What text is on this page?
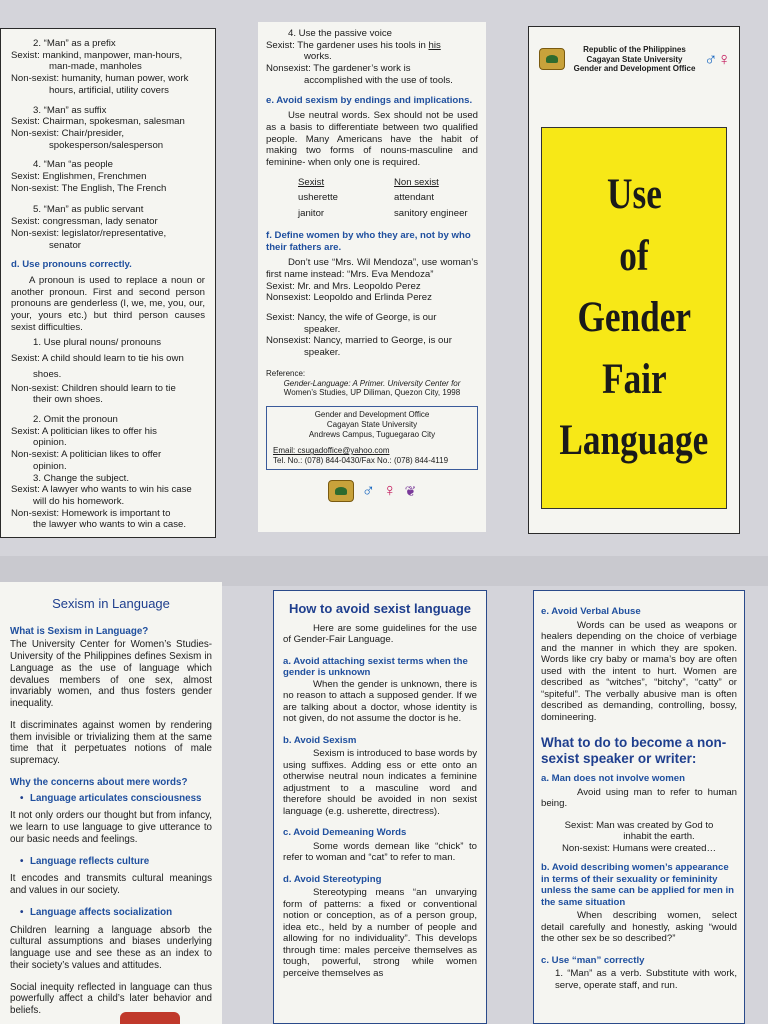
2. “Man” as a prefix
Sexist: mankind, manpower, man-hours,
man-made, manholes
Non-sexist: humanity, human power, work
hours, artificial, utility covers
3. “Man” as suffix
Sexist: Chairman, spokesman, salesman
Non-sexist: Chair/presider,
spokesperson/salesperson
4. “Man “as people
Sexist: Englishmen, Frenchmen
Non-sexist: The English, The French
5. “Man” as public servant
Sexist: congressman, lady senator
Non-sexist: legislator/representative,
senator
d. Use pronouns correctly.
A pronoun is used to replace a noun or another pronoun. First and second person pronouns are genderless (I, we, me, you, our, your, yours etc.) but third person causes sexist difficulties.
1. Use plural nouns/ pronouns
Sexist: A child should learn to tie his own
shoes.
Non-sexist: Children should learn to tie
their own shoes.
2. Omit the pronoun
Sexist: A politician likes to offer his
opinion.
Non-sexist: A politician likes to offer
opinion.
3. Change the subject.
Sexist: A lawyer who wants to win his case
will do his homework.
Non-sexist: Homework is important to
the lawyer who wants to win a case.
4. Use the passive voice
Sexist: The gardener uses his tools in his
works.
Nonsexist: The gardener’s work is
accomplished with the use of tools.
e. Avoid sexism by endings and implications.
Use neutral words. Sex should not be used as a basis to differentiate between two qualified people. Many Americans have the habit of making two forms of nouns-masculine and feminine- when only one is required.
Sexist	Non sexist
usherette	attendant
janitor	sanitory engineer
f. Define women by who they are, not by who their fathers are.
Don’t use “Mrs. Wil Mendoza”, use woman’s first name instead: “Mrs. Eva Mendoza”
Sexist: Mr. and Mrs. Leopoldo Perez
Nonsexist: Leopoldo and Erlinda Perez
Sexist: Nancy, the wife of George, is our
speaker.
Nonsexist: Nancy, married to George, is our
speaker.
Reference:
Gender-Language: A Primer. University Center for
Women’s Studies, UP Diliman, Quezon City, 1998
Gender and Development Office
Cagayan State University
Andrews Campus, Tuguegarao City
Email: csugadoffice@yahoo.com
Tel. No.: (078) 844-0430/Fax No.: (078) 844-4119
♂ ♀ ❦
Republic of the Philippines
Cagayan State University
Gender and Development Office ♂♀
Use
of
Gender
Fair
Language
Sexism in Language
What is Sexism in Language?
The University Center for Women’s Studies-University of the Philippines defines Sexism in Language as the use of language which devalues members of one sex, almost invariably women, and thus fosters gender inequality.
It discriminates against women by rendering them invisible or trivializing them at the same time that it perpetuates notions of male supremacy.
Why the concerns about mere words?
• Language articulates consciousness
It not only orders our thought but from infancy, we learn to use language to give utterance to our basic needs and feelings.
• Language reflects culture
It encodes and transmits cultural meanings and values in our society.
• Language affects socialization
Children learning a language absorb the cultural assumptions and biases underlying language use and see these as an index to their society’s values and attitudes.
Social inequity reflected in language can thus powerfully affect a child’s later behavior and beliefs.
How to avoid sexist language
Here are some guidelines for the use of Gender-Fair Language.
a. Avoid attaching sexist terms when the gender is unknown
When the gender is unknown, there is no reason to attach a supposed gender. If we are talking about a doctor, whose identity is not given, do not assume the doctor is he.
b. Avoid Sexism
Sexism is introduced to base words by using suffixes. Adding ess or ette onto an otherwise neutral noun indicates a feminine adjustment to a masculine word and therefore should be avoided in non sexist language (e.g. usherette, directress).
c. Avoid Demeaning Words
Some words demean like “chick” to refer to woman and “cat” to refer to man.
d. Avoid Stereotyping
Stereotyping means “an unvarying form of patterns: a fixed or conventional notion or conception, as of a person group, idea etc., held by a number of people and allowing for no individuality”. This develops through time: males perceive themselves as tough, powerful, strong while women perceive themselves as
e. Avoid Verbal Abuse
Words can be used as weapons or healers depending on the choice of verbiage and the manner in which they are spoken. Words like cry baby or mama’s boy are often used with the intent to hurt. Women are described as “witches”, “bitchy”, “catty” or “spiteful”. The verbally abusive man is often described as demanding, controlling, bossy, domineering.
What to do to become a non-sexist speaker or writer:
a. Man does not involve women
Avoid using man to refer to human being.
Sexist: Man was created by God to
inhabit the earth.
Non-sexist: Humans were created…
b. Avoid describing women’s appearance in terms of their sexuality or femininity unless the same can be applied for men in the same situation
When describing women, select detail carefully and honestly, asking “would the other sex be so described?”
c. Use “man” correctly
1. “Man” as a verb. Substitute with work, serve, operate staff, and run.
